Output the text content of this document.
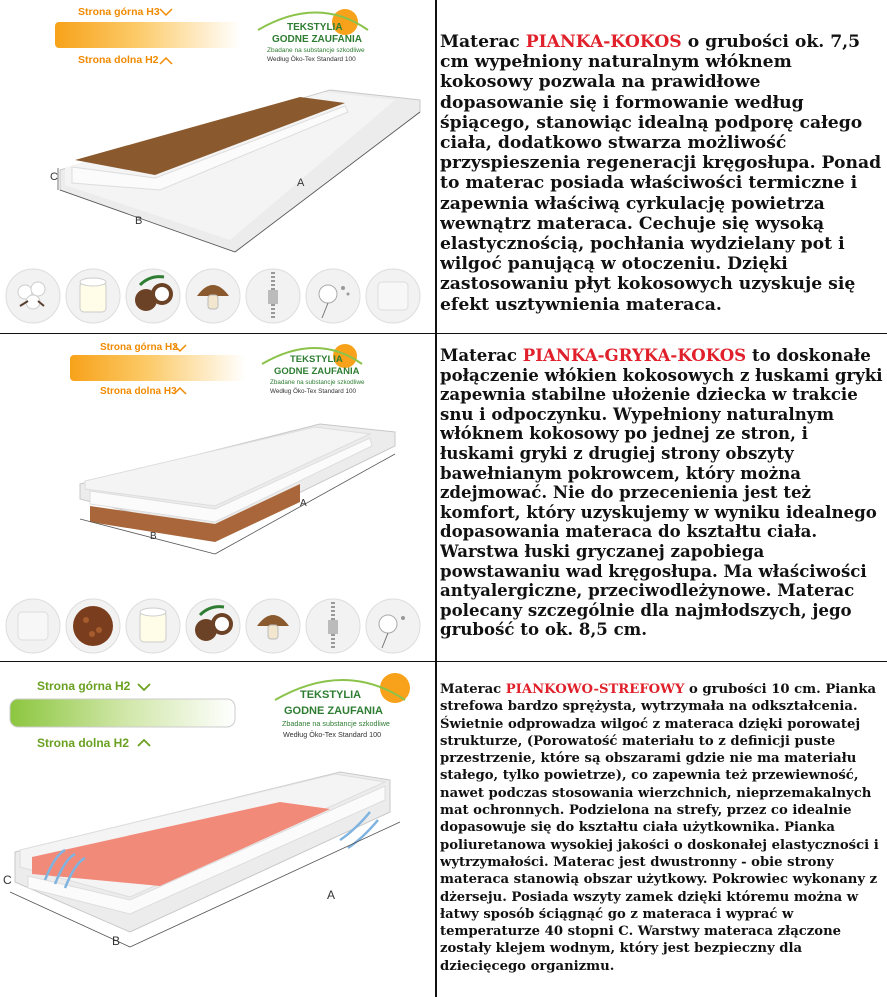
Strona górna H3
Strona dolna H2
TEKSTYLIA
GODNE ZAUFANIA
Zbadane na substancje szkodliwe
Według Öko-Tex Standard 100
C
B
A
Materac PIANKA-KOKOS o grubości ok. 7,5 cm wypełniony naturalnym włóknem kokosowy pozwala na prawidłowe dopasowanie się i formowanie według śpiącego, stanowiąc idealną podporę całego ciała, dodatkowo stwarza możliwość przyspieszenia regeneracji kręgosłupa. Ponad to materac posiada właściwości termiczne i zapewnia właściwą cyrkulację powietrza wewnątrz materaca. Cechuje się wysoką elastycznością, pochłania wydzielany pot i wilgoć panującą w otoczeniu. Dzięki zastosowaniu płyt kokosowych uzyskuje się efekt usztywnienia materaca.
Strona górna H2
Strona dolna H3
TEKSTYLIA
GODNE ZAUFANIA
Zbadane na substancje szkodliwe
Według Öko-Tex Standard 100
B
A
Materac PIANKA-GRYKA-KOKOS to doskonałe połączenie włókien kokosowych z łuskami gryki zapewnia stabilne ułożenie dziecka w trakcie snu i odpoczynku. Wypełniony naturalnym włóknem kokosowy po jednej ze stron, i łuskami gryki z drugiej strony obszyty bawełnianym pokrowcem, który można zdejmować. Nie do przecenienia jest też komfort, który uzyskujemy w wyniku idealnego dopasowania materaca do kształtu ciała. Warstwa łuski gryczanej zapobiega powstawaniu wad kręgosłupa. Ma właściwości antyalergiczne, przeciwodleżynowe. Materac polecany szczególnie dla najmłodszych, jego grubość to ok. 8,5 cm.
Strona górna H2
Strona dolna H2
TEKSTYLIA
GODNE ZAUFANIA
Zbadane na substancje szkodliwe
Według Öko-Tex Standard 100
C
B
A
Materac PIANKOWO-STREFOWY o grubości 10 cm. Pianka strefowa bardzo sprężysta, wytrzymała na odkształcenia. Świetnie odprowadza wilgoć z materaca dzięki porowatej strukturze, (Porowatość materiału to z definicji puste przestrzenie, które są obszarami gdzie nie ma materiału stałego, tylko powietrze), co zapewnia też przewiewność, nawet podczas stosowania wierzchnich, nieprzemakalnych mat ochronnych. Podzielona na strefy, przez co idealnie dopasowuje się do kształtu ciała użytkownika. Pianka poliuretanowa wysokiej jakości o doskonałej elastyczności i wytrzymałości. Materac jest dwustronny - obie strony materaca stanowią obszar użytkowy. Pokrowiec wykonany z dżerseju. Posiada wszyty zamek dzięki któremu można w łatwy sposób ściągnąć go z materaca i wyprać w temperaturze 40 stopni C. Warstwy materaca złączone zostały klejem wodnym, który jest bezpieczny dla dziecięcego organizmu.
